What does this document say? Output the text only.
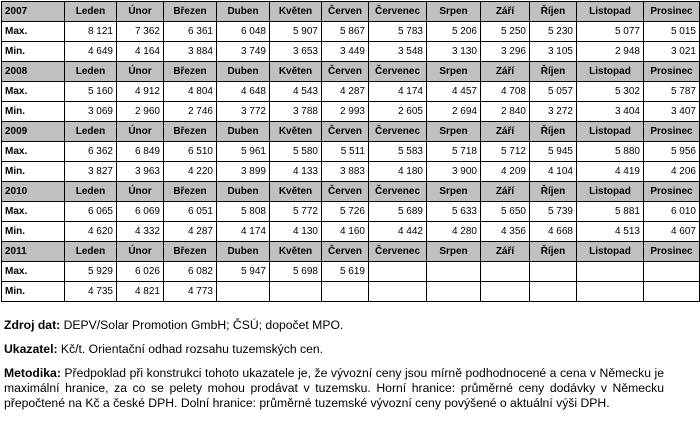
2007	Leden	Únor	Březen	Duben	Květen	Červen	Červenec	Srpen	Září	Říjen	Listopad	Prosinec
Max.	8 121	7 362	6 361	6 048	5 907	5 867	5 783	5 206	5 250	5 230	5 077	5 015
Min.	4 649	4 164	3 884	3 749	3 653	3 449	3 548	3 130	3 296	3 105	2 948	3 021
2008	Leden	Únor	Březen	Duben	Květen	Červen	Červenec	Srpen	Září	Říjen	Listopad	Prosinec
Max.	5 160	4 912	4 804	4 648	4 543	4 287	4 174	4 457	4 708	5 057	5 302	5 787
Min.	3 069	2 960	2 746	3 772	3 788	2 993	2 605	2 694	2 840	3 272	3 404	3 407
2009	Leden	Únor	Březen	Duben	Květen	Červen	Červenec	Srpen	Září	Říjen	Listopad	Prosinec
Max.	6 362	6 849	6 510	5 961	5 580	5 511	5 583	5 718	5 712	5 945	5 880	5 956
Min.	3 827	3 963	4 220	3 899	4 133	3 883	4 180	3 900	4 209	4 104	4 419	4 206
2010	Leden	Únor	Březen	Duben	Květen	Červen	Červenec	Srpen	Září	Říjen	Listopad	Prosinec
Max.	6 065	6 069	6 051	5 808	5 772	5 726	5 689	5 633	5 650	5 739	5 881	6 010
Min.	4 620	4 332	4 287	4 174	4 130	4 160	4 442	4 280	4 356	4 668	4 513	4 607
2011	Leden	Únor	Březen	Duben	Květen	Červen	Červenec	Srpen	Září	Říjen	Listopad	Prosinec
Max.	5 929	6 026	6 082	5 947	5 698	5 619						
Min.	4 735	4 821	4 773									

Zdroj dat: DEPV/Solar Promotion GmbH; ČSÚ; dopočet MPO.

Ukazatel: Kč/t. Orientační odhad rozsahu tuzemských cen.

Metodika: Předpoklad při konstrukci tohoto ukazatele je, že vývozní ceny jsou mírně podhodnocené a cena v Německu je maximální hranice, za co se pelety mohou prodávat v tuzemsku. Horní hranice: průměrné ceny dodávky v Německu přepočtené na Kč a české DPH. Dolní hranice: průměrné tuzemské vývozní ceny povýšené o aktuální výši DPH.
